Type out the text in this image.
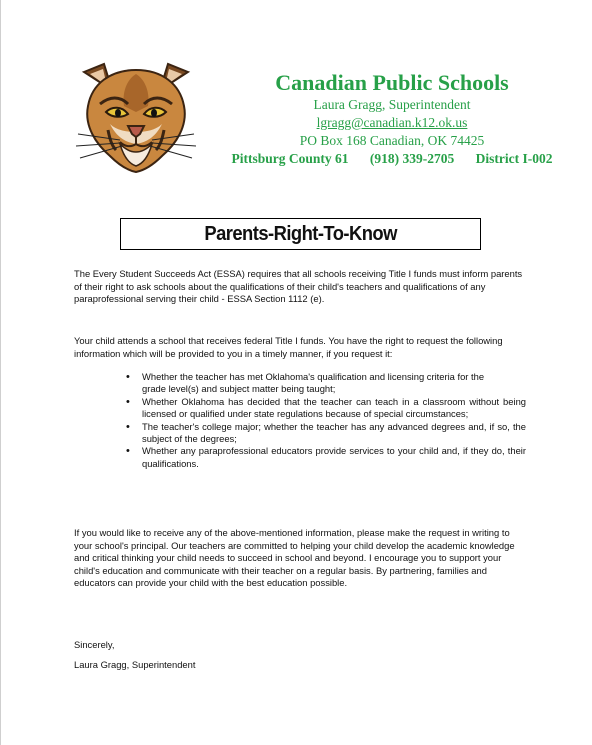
Canadian Public Schools
Laura Gragg, Superintendent
lgragg@canadian.k12.ok.us
PO Box 168 Canadian, OK 74425
Pittsburg County 61 (918) 339-2705 District I-002
Parents-Right-To-Know
The Every Student Succeeds Act (ESSA) requires that all schools receiving Title I funds must inform parents of their right to ask schools about the qualifications of their child's teachers and qualifications of any paraprofessional serving their child - ESSA Section 1112 (e).
Your child attends a school that receives federal Title I funds. You have the right to request the following information which will be provided to you in a timely manner, if you request it:
• Whether the teacher has met Oklahoma's qualification and licensing criteria for the
grade level(s) and subject matter being taught;
• Whether Oklahoma has decided that the teacher can teach in a classroom without being licensed or qualified under state regulations because of special circumstances;
• The teacher's college major; whether the teacher has any advanced degrees and, if so, the subject of the degrees;
• Whether any paraprofessional educators provide services to your child and, if they do, their qualifications.
If you would like to receive any of the above-mentioned information, please make the request in writing to your school's principal. Our teachers are committed to helping your child develop the academic knowledge and critical thinking your child needs to succeed in school and beyond. I encourage you to support your child's education and communicate with their teacher on a regular basis. By partnering, families and educators can provide your child with the best education possible.
Sincerely,
Laura Gragg, Superintendent
